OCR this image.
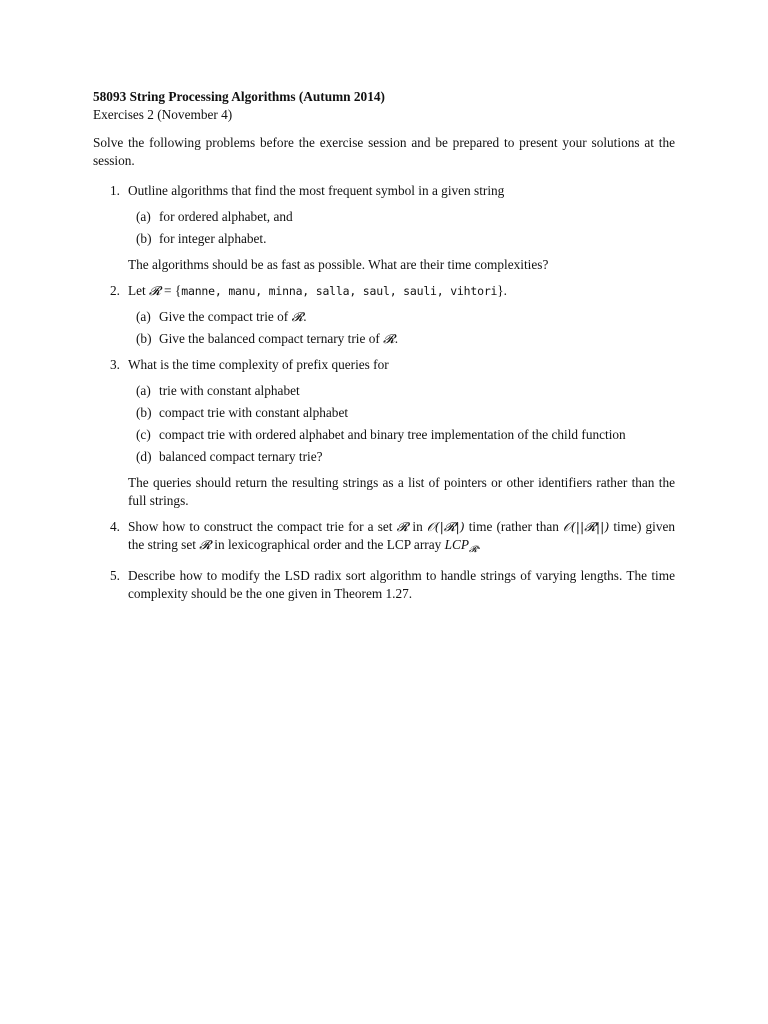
58093 String Processing Algorithms (Autumn 2014)

Exercises 2 (November 4)

Solve the following problems before the exercise session and be prepared to present your solutions at the session.

1. Outline algorithms that find the most frequent symbol in a given string
(a) for ordered alphabet, and
(b) for integer alphabet.

The algorithms should be as fast as possible. What are their time complexities?

2. Let 𝓡 = {manne, manu, minna, salla, saul, sauli, vihtori}.
(a) Give the compact trie of 𝓡.
(b) Give the balanced compact ternary trie of 𝓡.
3. What is the time complexity of prefix queries for
(a) trie with constant alphabet
(b) compact trie with constant alphabet
(c) compact trie with ordered alphabet and binary tree implementation of the child function
(d) balanced compact ternary trie?

The queries should return the resulting strings as a list of pointers or other identifiers rather than the full strings.

4. Show how to construct the compact trie for a set 𝓡 in 𝒪(|𝓡|) time (rather than 𝒪(||𝓡||) time) given the string set 𝓡 in lexicographical order and the LCP array $LCP_𝓡$.
5. Describe how to modify the LSD radix sort algorithm to handle strings of varying lengths. The time complexity should be the one given in Theorem 1.27.
